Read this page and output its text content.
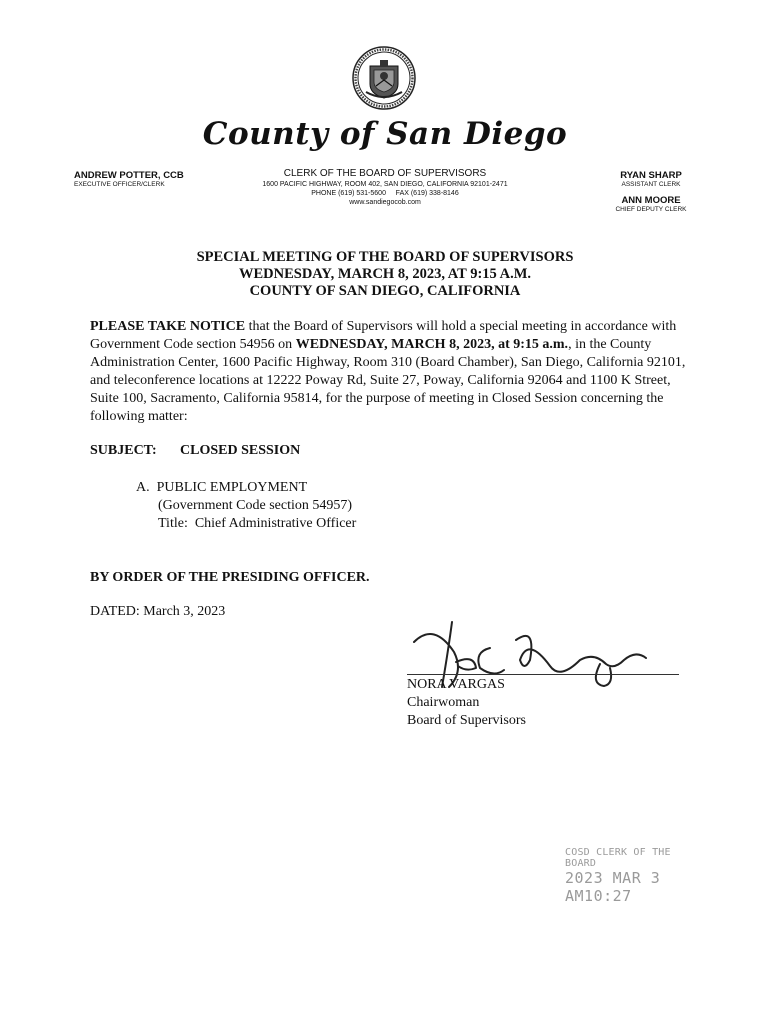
County of San Diego
ANDREW POTTER, CCB
EXECUTIVE OFFICER/CLERK
CLERK OF THE BOARD OF SUPERVISORS
1600 PACIFIC HIGHWAY, ROOM 402, SAN DIEGO, CALIFORNIA 92101-2471
PHONE (619) 531-5600     FAX (619) 338-8146
www.sandiegocob.com
RYAN SHARP
ASSISTANT CLERK
ANN MOORE
CHIEF DEPUTY CLERK
SPECIAL MEETING OF THE BOARD OF SUPERVISORS
WEDNESDAY, MARCH 8, 2023, AT 9:15 A.M.
COUNTY OF SAN DIEGO, CALIFORNIA
PLEASE TAKE NOTICE that the Board of Supervisors will hold a special meeting in accordance with Government Code section 54956 on WEDNESDAY, MARCH 8, 2023, at 9:15 a.m., in the County Administration Center, 1600 Pacific Highway, Room 310 (Board Chamber), San Diego, California 92101, and teleconference locations at 12222 Poway Rd, Suite 27, Poway, California 92064 and 1100 K Street, Suite 100, Sacramento, California 95814, for the purpose of meeting in Closed Session concerning the following matter:
SUBJECT: CLOSED SESSION
A.  PUBLIC EMPLOYMENT
(Government Code section 54957)
Title:  Chief Administrative Officer
BY ORDER OF THE PRESIDING OFFICER.
DATED: March 3, 2023
NORA VARGAS
Chairwoman
Board of Supervisors
COSD CLERK OF THE BOARD
2023 MAR 3 AM10:27
